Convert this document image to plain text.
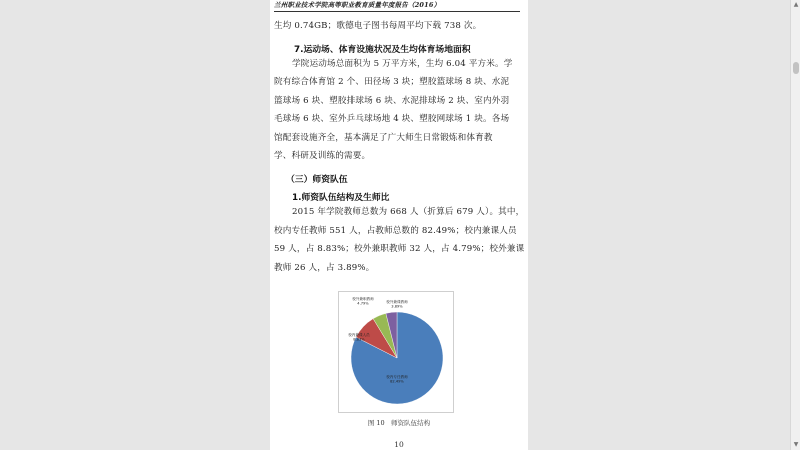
兰州职业技术学院高等职业教育质量年度报告（2016）
生均 0.74GB；歌德电子图书每周平均下载 738 次。
7.运动场、体育设施状况及生均体育场地面积
学院运动场总面积为 5 万平方米，生均 6.04 平方米。学
院有综合体育馆 2 个、田径场 3 块；塑胶篮球场 8 块、水泥
篮球场 6 块、塑胶排球场 6 块、水泥排球场 2 块、室内外羽
毛球场 6 块、室外乒乓球场地 4 块、塑胶网球场 1 块。各场
馆配套设施齐全，基本满足了广大师生日常锻炼和体育教
学、科研及训练的需要。
（三）师资队伍
1.师资队伍结构及生师比
2015 年学院教师总数为 668 人（折算后 679 人）。其中，
校内专任教师 551 人，占教师总数的 82.49%；校内兼课人员
59 人，占 8.83%；校外兼职教师 32 人，占 4.79%；校外兼课
教师 26 人，占 3.89%。
校内专任教师
82.49%
校内兼课人员
8.83%
校外兼职教师
4.79%	校外兼课教师
3.89%
图 10　师资队伍结构
10
▲
▼
